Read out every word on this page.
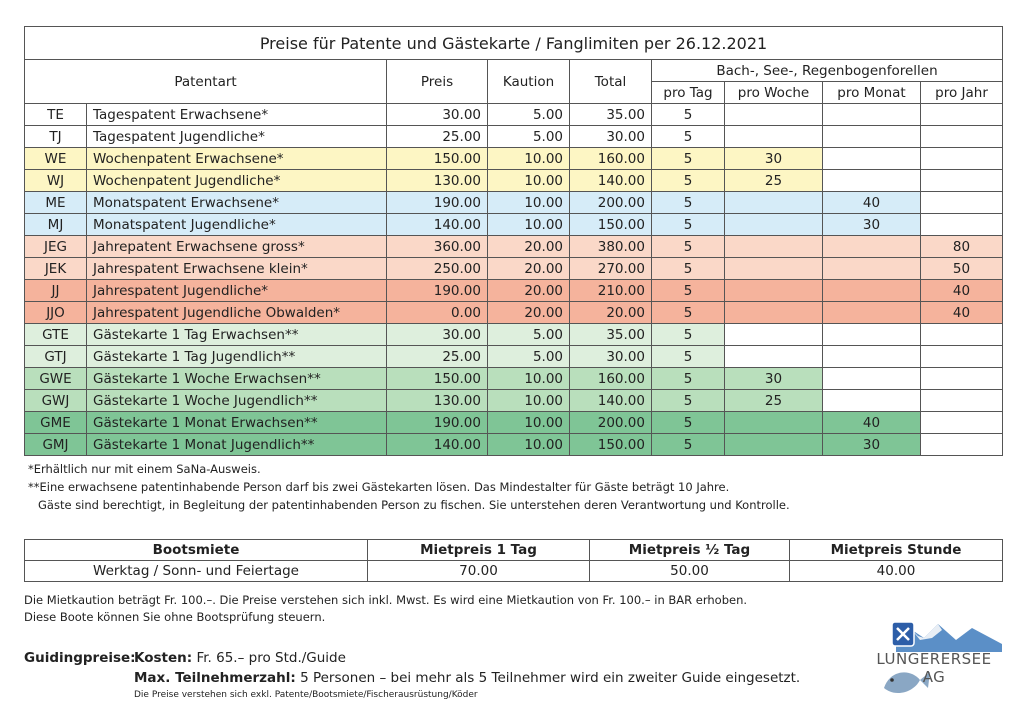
Preise für Patente und Gästekarte / Fanglimiten per 26.12.2021								
Patentart		Preis	Kaution	Total	Bach-, See-, Regenbogenforellen			
					pro Tag	pro Woche	pro Monat	pro Jahr
TE	Tagespatent Erwachsene*	30.00	5.00	35.00	5			
TJ	Tagespatent Jugendliche*	25.00	5.00	30.00	5			
WE	Wochenpatent Erwachsene*	150.00	10.00	160.00	5	30		
WJ	Wochenpatent Jugendliche*	130.00	10.00	140.00	5	25		
ME	Monatspatent Erwachsene*	190.00	10.00	200.00	5		40	
MJ	Monatspatent Jugendliche*	140.00	10.00	150.00	5		30	
JEG	Jahrepatent Erwachsene gross*	360.00	20.00	380.00	5			80
JEK	Jahrespatent Erwachsene klein*	250.00	20.00	270.00	5			50
JJ	Jahrespatent Jugendliche*	190.00	20.00	210.00	5			40
JJO	Jahrespatent Jugendliche Obwalden*	0.00	20.00	20.00	5			40
GTE	Gästekarte 1 Tag Erwachsen**	30.00	5.00	35.00	5			
GTJ	Gästekarte 1 Tag Jugendlich**	25.00	5.00	30.00	5			
GWE	Gästekarte 1 Woche Erwachsen**	150.00	10.00	160.00	5	30		
GWJ	Gästekarte 1 Woche Jugendlich**	130.00	10.00	140.00	5	25		
GME	Gästekarte 1 Monat Erwachsen**	190.00	10.00	200.00	5		40	
GMJ	Gästekarte 1 Monat Jugendlich**	140.00	10.00	150.00	5		30	
*Erhältlich nur mit einem SaNa-Ausweis.
**Eine erwachsene patentinhabende Person darf bis zwei Gästekarten lösen. Das Mindestalter für Gäste beträgt 10 Jahre.
Gäste sind berechtigt, in Begleitung der patentinhabenden Person zu fischen. Sie unterstehen deren Verantwortung und Kontrolle.
Bootsmiete	Mietpreis 1 Tag	Mietpreis ½ Tag	Mietpreis Stunde
Werktag / Sonn- und Feiertage	70.00	50.00	40.00
Die Mietkaution beträgt Fr. 100.–. Die Preise verstehen sich inkl. Mwst. Es wird eine Mietkaution von Fr. 100.– in BAR erhoben.
Diese Boote können Sie ohne Bootsprüfung steuern.
Guidingpreise:Kosten: Fr. 65.– pro Std./Guide
Max. Teilnehmerzahl: 5 Personen – bei mehr als 5 Teilnehmer wird ein zweiter Guide eingesetzt.
Die Preise verstehen sich exkl. Patente/Bootsmiete/Fischerausrüstung/Köder
LUNGERERSEE AG
